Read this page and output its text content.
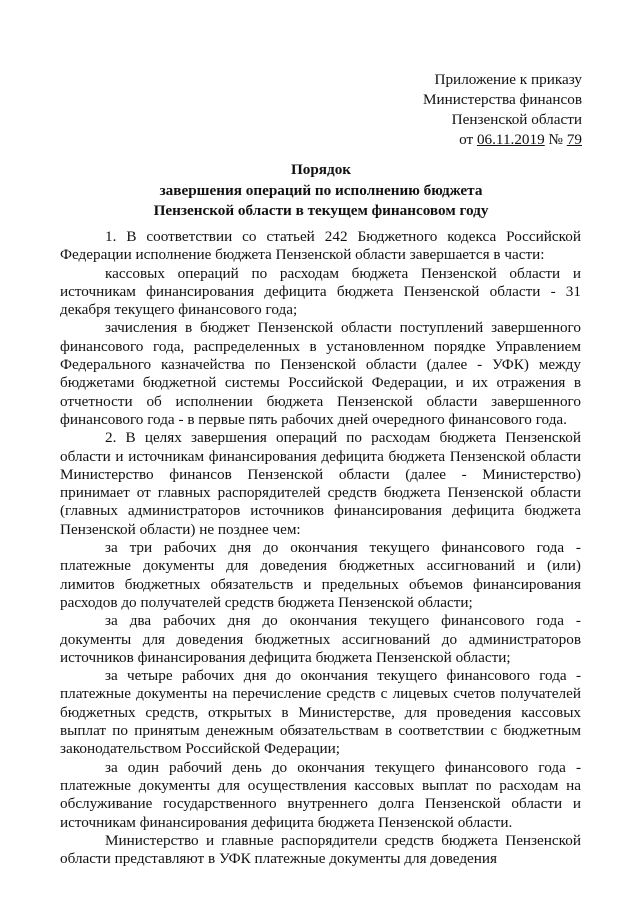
Приложение к приказу
Министерства финансов
Пензенской области
от 06.11.2019 № 79
Порядок
завершения операций по исполнению бюджета
Пензенской области в текущем финансовом году

1. В соответствии со статьей 242 Бюджетного кодекса Российской Федерации исполнение бюджета Пензенской области завершается в части:

кассовых операций по расходам бюджета Пензенской области и источникам финансирования дефицита бюджета Пензенской области - 31 декабря текущего финансового года;

зачисления в бюджет Пензенской области поступлений завершенного финансового года, распределенных в установленном порядке Управлением Федерального казначейства по Пензенской области (далее - УФК) между бюджетами бюджетной системы Российской Федерации, и их отражения в отчетности об исполнении бюджета Пензенской области завершенного финансового года - в первые пять рабочих дней очередного финансового года.

2. В целях завершения операций по расходам бюджета Пензенской области и источникам финансирования дефицита бюджета Пензенской области Министерство финансов Пензенской области (далее - Министерство) принимает от главных распорядителей средств бюджета Пензенской области (главных администраторов источников финансирования дефицита бюджета Пензенской области) не позднее чем:

за три рабочих дня до окончания текущего финансового года - платежные документы для доведения бюджетных ассигнований и (или) лимитов бюджетных обязательств и предельных объемов финансирования расходов до получателей средств бюджета Пензенской области;

за два рабочих дня до окончания текущего финансового года - документы для доведения бюджетных ассигнований до администраторов источников финансирования дефицита бюджета Пензенской области;

за четыре рабочих дня до окончания текущего финансового года - платежные документы на перечисление средств с лицевых счетов получателей бюджетных средств, открытых в Министерстве, для проведения кассовых выплат по принятым денежным обязательствам в соответствии с бюджетным законодательством Российской Федерации;

за один рабочий день до окончания текущего финансового года - платежные документы для осуществления кассовых выплат по расходам на обслуживание государственного внутреннего долга Пензенской области и источникам финансирования дефицита бюджета Пензенской области.

Министерство и главные распорядители средств бюджета Пензенской области представляют в УФК платежные документы для доведения
